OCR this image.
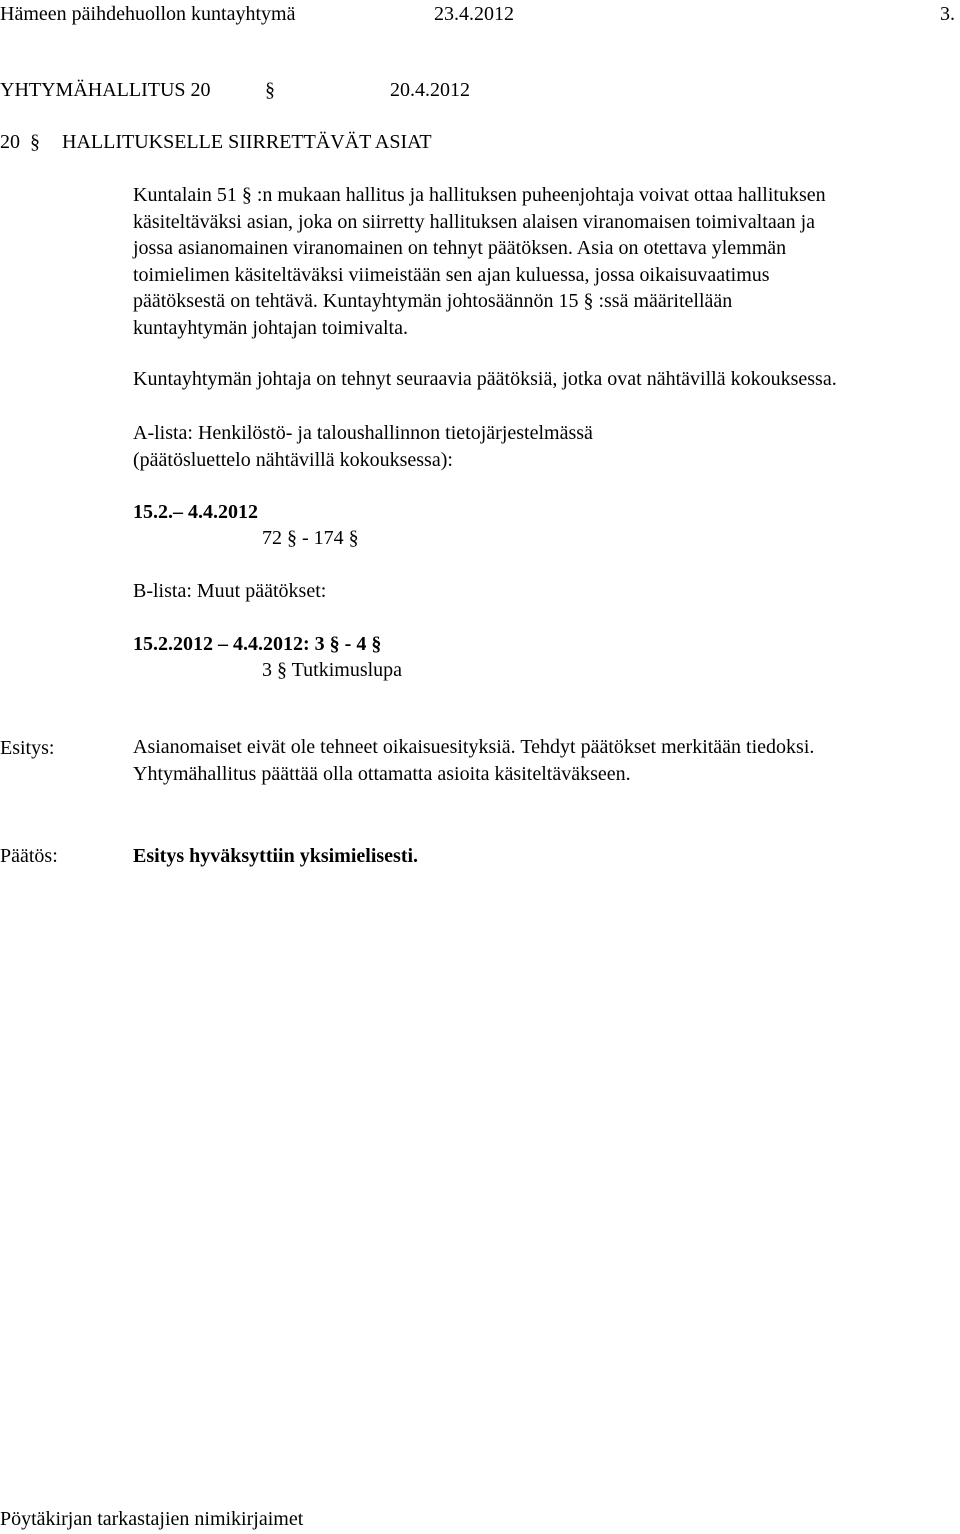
Hämeen päihdehuollon kuntayhtymä	23.4.2012	3.
YHTYMÄHALLITUS 20	§	20.4.2012
20 § HALLITUKSELLE SIIRRETTÄVÄT ASIAT
Kuntalain 51 § :n mukaan hallitus ja hallituksen puheenjohtaja voivat ottaa hallituksen
käsiteltäväksi asian, joka on siirretty hallituksen alaisen viranomaisen toimivaltaan ja
jossa asianomainen viranomainen on tehnyt päätöksen. Asia on otettava ylemmän
toimielimen käsiteltäväksi viimeistään sen ajan kuluessa, jossa oikaisuvaatimus
päätöksestä on tehtävä. Kuntayhtymän johtosäännön 15 § :ssä määritellään
kuntayhtymän johtajan toimivalta.
Kuntayhtymän johtaja on tehnyt seuraavia päätöksiä, jotka ovat nähtävillä kokouksessa.
A-lista: Henkilöstö- ja taloushallinnon tietojärjestelmässä
(päätösluettelo nähtävillä kokouksessa):
15.2.– 4.4.2012
72 § - 174 §
B-lista: Muut päätökset:
15.2.2012 – 4.4.2012: 3 § - 4 §
3 § Tutkimuslupa
Esitys:	Asianomaiset eivät ole tehneet oikaisuesityksiä. Tehdyt päätökset merkitään tiedoksi.
Yhtymähallitus päättää olla ottamatta asioita käsiteltäväkseen.
Päätös:	Esitys hyväksyttiin yksimielisesti.
Pöytäkirjan tarkastajien nimikirjaimet
